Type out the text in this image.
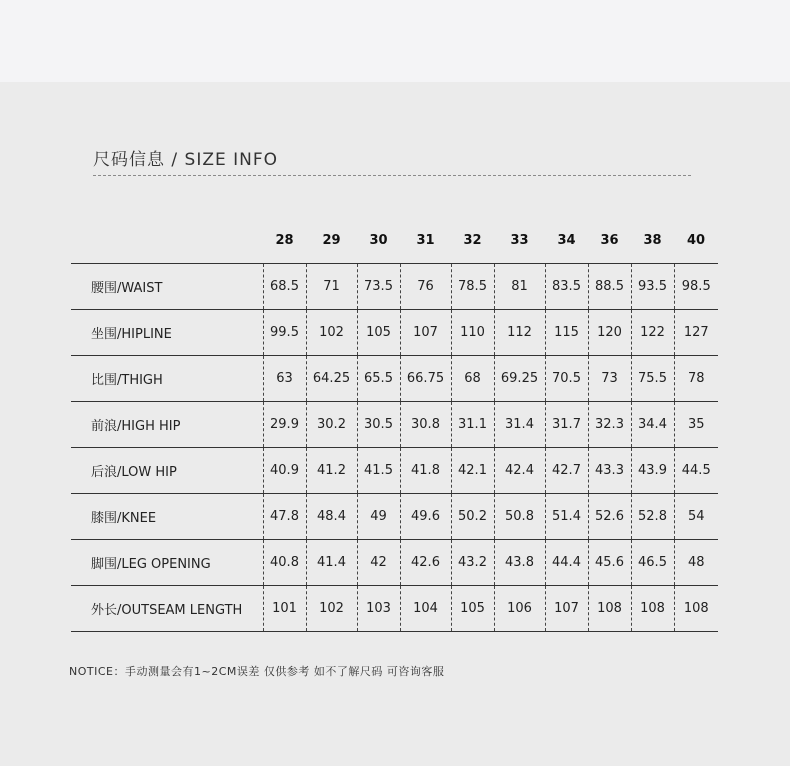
尺码信息 / SIZE INFO
	28	29	30	31	32	33	34	36	38	40
腰围/WAIST	68.5	71	73.5	76	78.5	81	83.5	88.5	93.5	98.5
坐围/HIPLINE	99.5	102	105	107	110	112	115	120	122	127
比围/THIGH	63	64.25	65.5	66.75	68	69.25	70.5	73	75.5	78
前浪/HIGH HIP	29.9	30.2	30.5	30.8	31.1	31.4	31.7	32.3	34.4	35
后浪/LOW HIP	40.9	41.2	41.5	41.8	42.1	42.4	42.7	43.3	43.9	44.5
膝围/KNEE	47.8	48.4	49	49.6	50.2	50.8	51.4	52.6	52.8	54
脚围/LEG OPENING	40.8	41.4	42	42.6	43.2	43.8	44.4	45.6	46.5	48
外长/OUTSEAM LENGTH	101	102	103	104	105	106	107	108	108	108
NOTICE：手动测量会有1~2CM误差 仅供参考 如不了解尺码 可咨询客服
